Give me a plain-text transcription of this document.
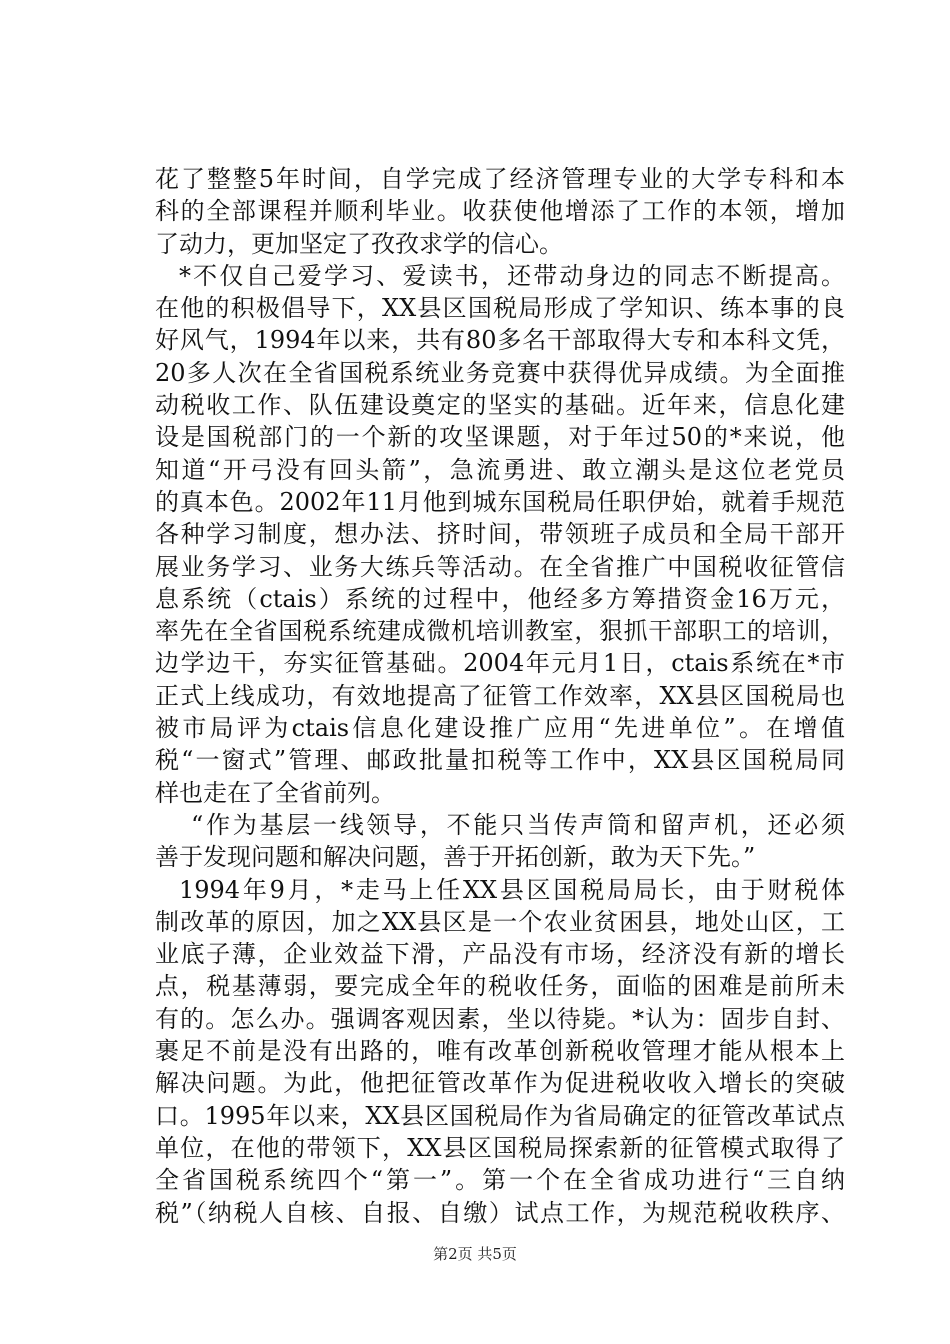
花了整整5年时间，自学完成了经济管理专业的大学专科和本
科的全部课程并顺利毕业。收获使他增添了工作的本领，增加
了动力，更加坚定了孜孜求学的信心。
*不仅自己爱学习、爱读书，还带动身边的同志不断提高。
在他的积极倡导下，XX县区国税局形成了学知识、练本事的良
好风气，1994年以来，共有80多名干部取得大专和本科文凭，
20多人次在全省国税系统业务竞赛中获得优异成绩。为全面推
动税收工作、队伍建设奠定的坚实的基础。近年来，信息化建
设是国税部门的一个新的攻坚课题，对于年过50的*来说，他
知道“开弓没有回头箭”，急流勇进、敢立潮头是这位老党员
的真本色。2002年11月他到城东国税局任职伊始，就着手规范
各种学习制度，想办法、挤时间，带领班子成员和全局干部开
展业务学习、业务大练兵等活动。在全省推广中国税收征管信
息系统（ctais）系统的过程中，他经多方筹措资金16万元，
率先在全省国税系统建成微机培训教室，狠抓干部职工的培训，
边学边干，夯实征管基础。2004年元月1日，ctais系统在*市
正式上线成功，有效地提高了征管工作效率，XX县区国税局也
被市局评为ctais信息化建设推广应用“先进单位”。在增值
税“一窗式”管理、邮政批量扣税等工作中，XX县区国税局同
样也走在了全省前列。
“作为基层一线领导，不能只当传声筒和留声机，还必须
善于发现问题和解决问题，善于开拓创新，敢为天下先。”
1994年9月，*走马上任XX县区国税局局长，由于财税体
制改革的原因，加之XX县区是一个农业贫困县，地处山区，工
业底子薄，企业效益下滑，产品没有市场，经济没有新的增长
点，税基薄弱，要完成全年的税收任务，面临的困难是前所未
有的。怎么办。强调客观因素，坐以待毙。*认为：固步自封、
裹足不前是没有出路的，唯有改革创新税收管理才能从根本上
解决问题。为此，他把征管改革作为促进税收收入增长的突破
口。1995年以来，XX县区国税局作为省局确定的征管改革试点
单位，在他的带领下，XX县区国税局探索新的征管模式取得了
全省国税系统四个“第一”。第一个在全省成功进行“三自纳
税”（纳税人自核、自报、自缴）试点工作，为规范税收秩序、
第2页 共5页
